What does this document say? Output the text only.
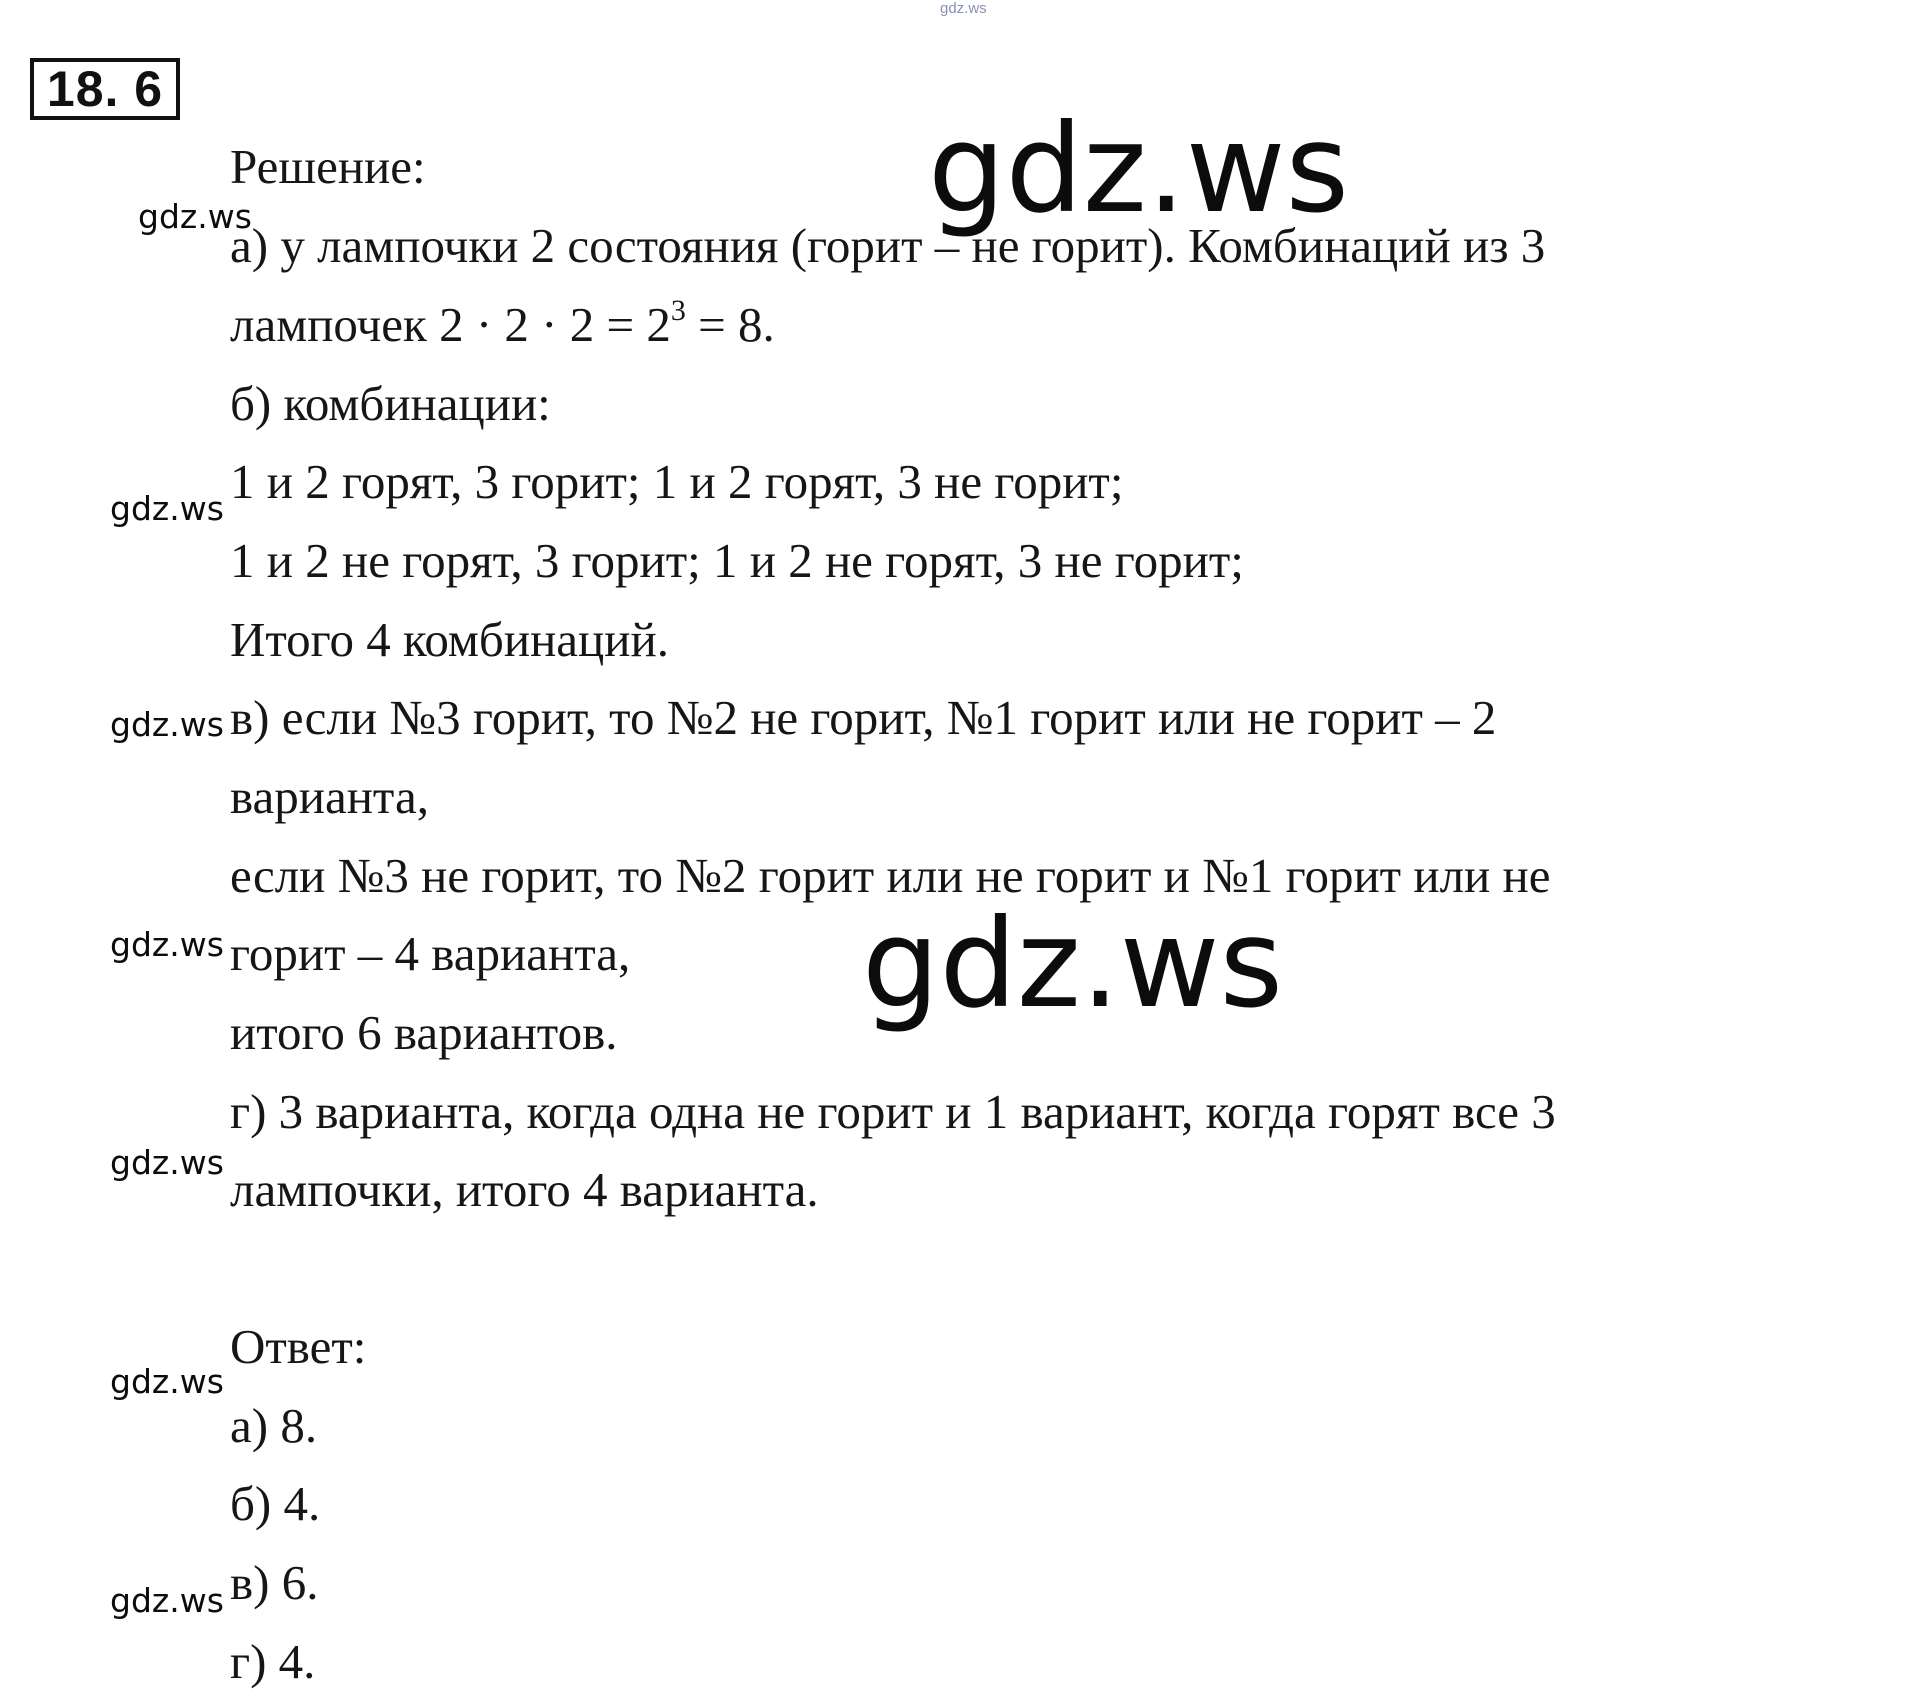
gdz.ws
18. 6
Решение:
а) у лампочки 2 состояния (горит – не горит). Комбинаций из 3
лампочек $2 \cdot 2 \cdot 2 = 2^3 = 8$.
б) комбинации:
1 и 2 горят, 3 горит; 1 и 2 горят, 3 не горит;
1 и 2 не горят, 3 горит; 1 и 2 не горят, 3 не горит;
Итого 4 комбинаций.
в) если №3 горит, то №2 не горит, №1 горит или не горит – 2
варианта,
если №3 не горит, то №2 горит или не горит и №1 горит или не
горит – 4 варианта,
итого 6 вариантов.
г) 3 варианта, когда одна не горит и 1 вариант, когда горят все 3
лампочки, итого 4 варианта.
Ответ:
а) 8.
б) 4.
в) 6.
г) 4.
gdz.ws
gdz.ws
gdz.ws
gdz.ws
gdz.ws
gdz.ws
gdz.ws
gdz.ws
gdz.ws
